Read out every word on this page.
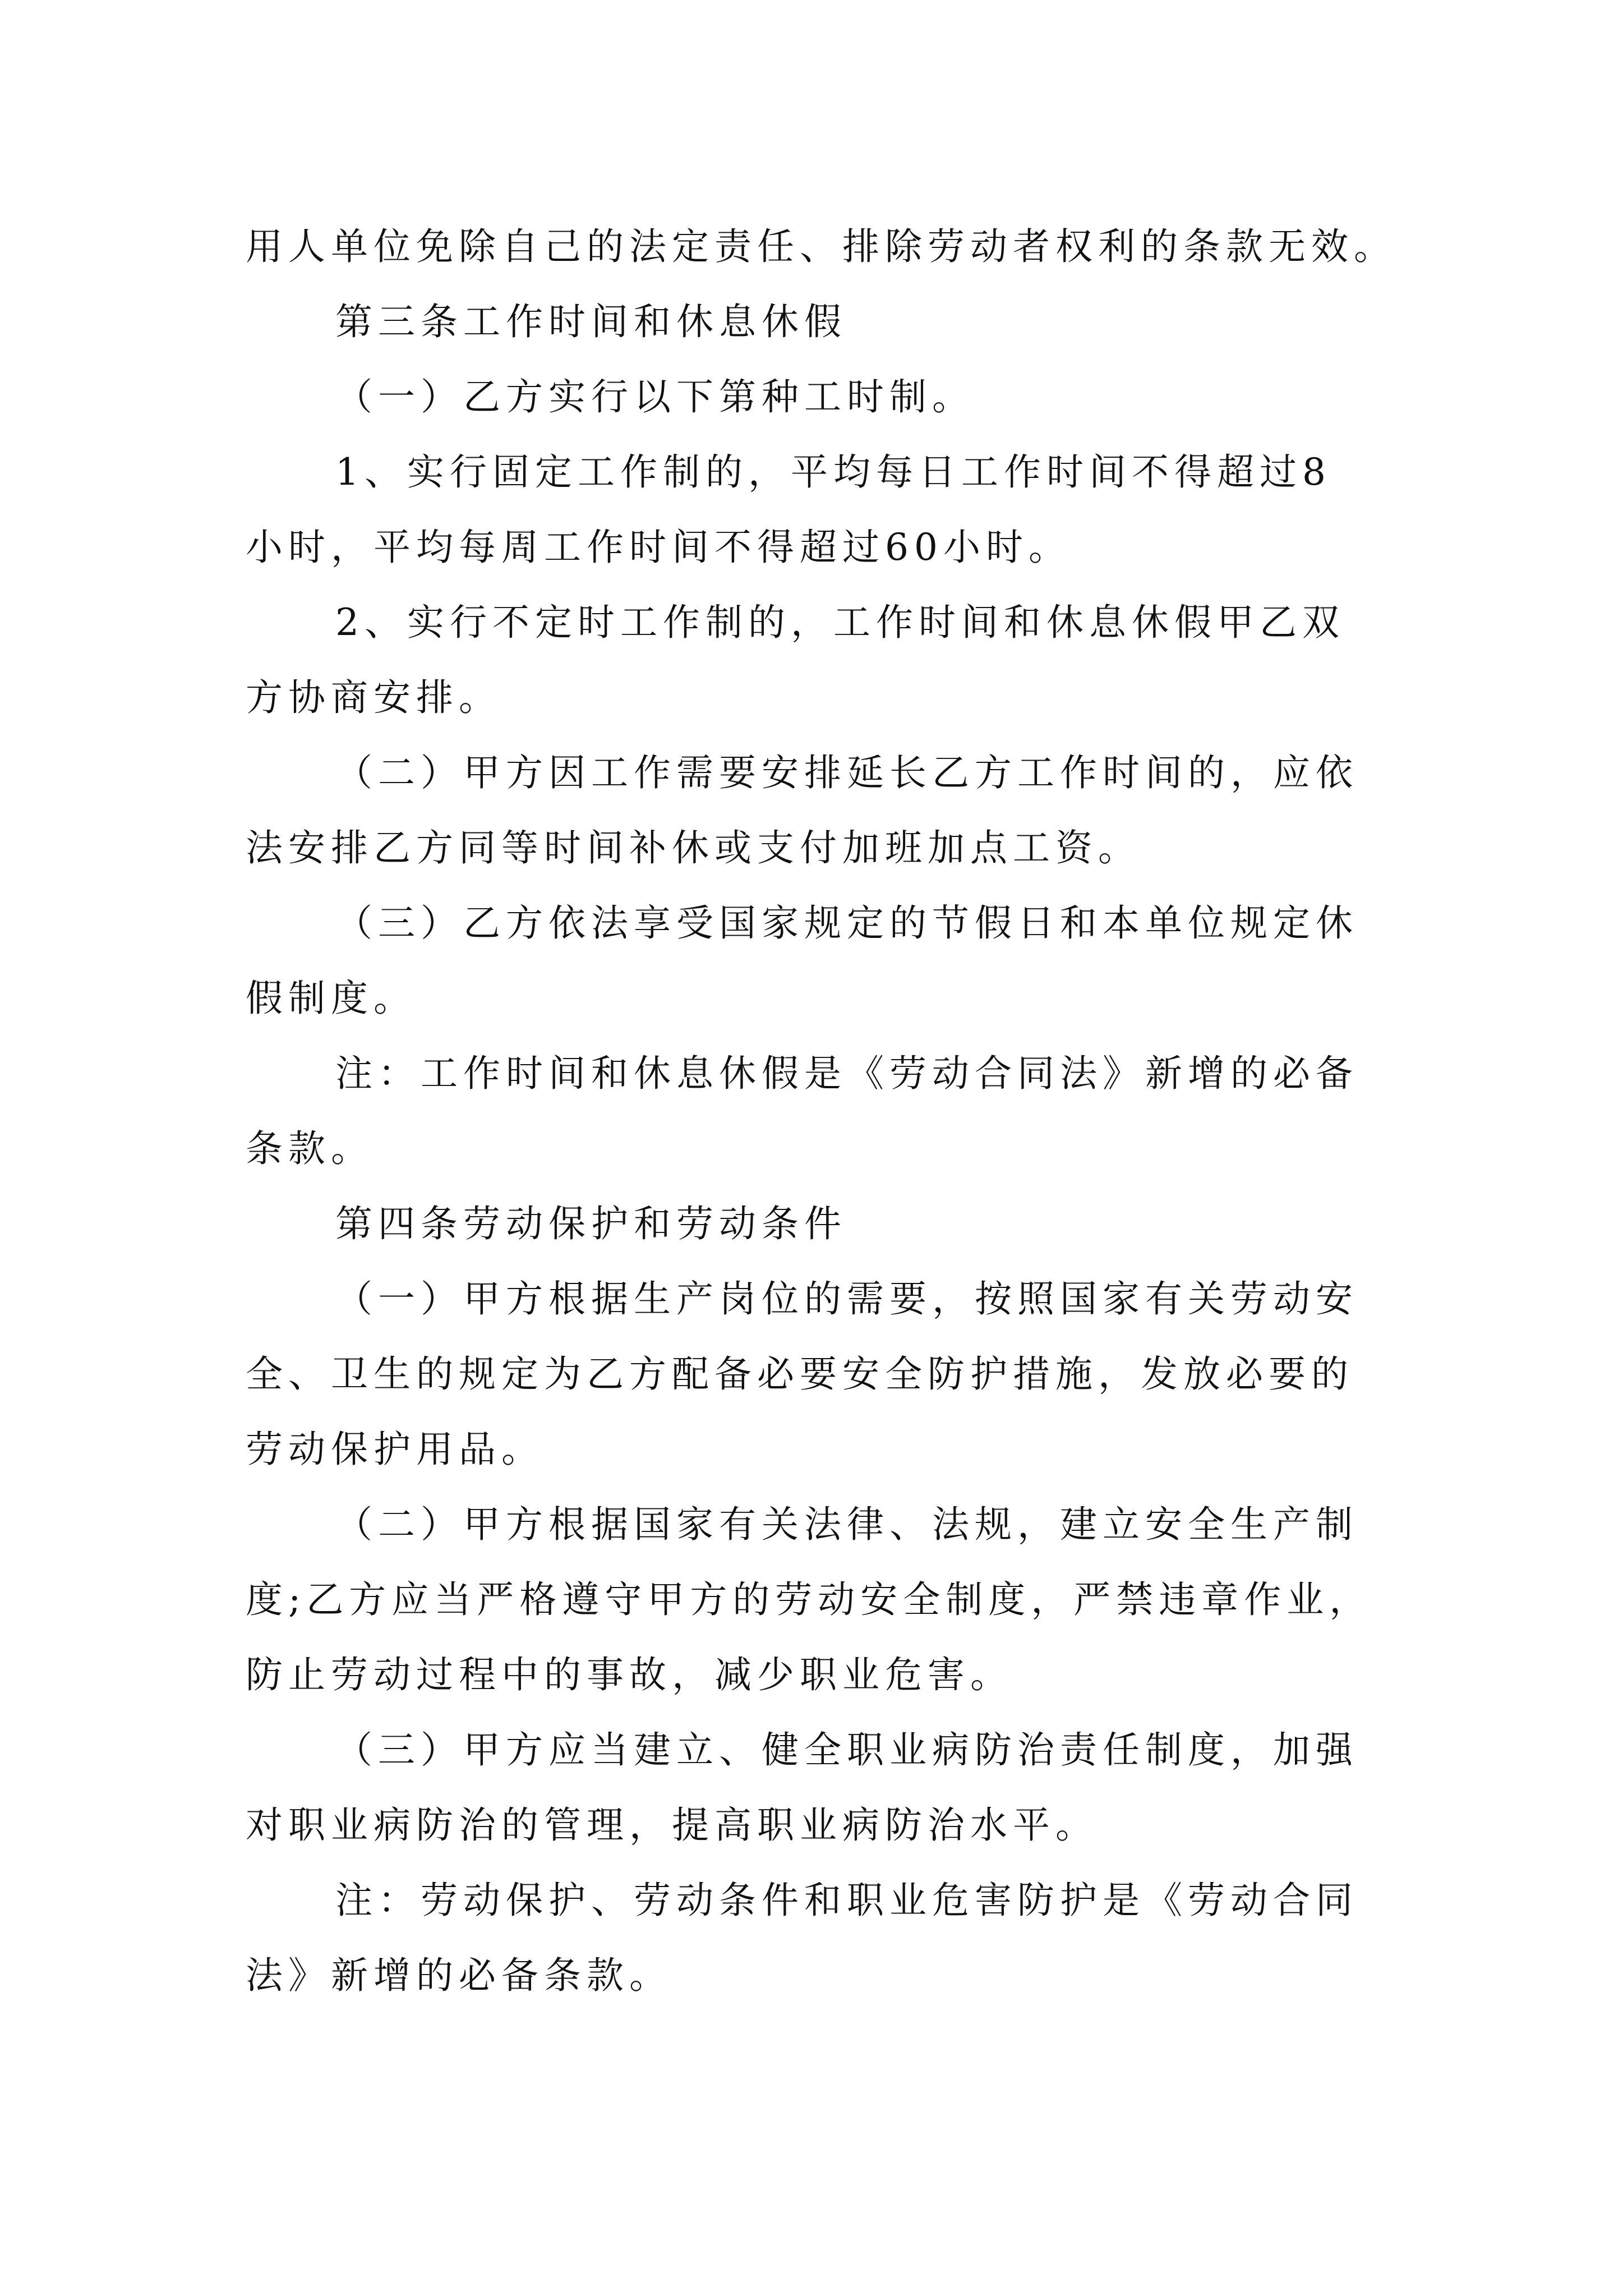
用人单位免除自己的法定责任、排除劳动者权利的条款无效。
第三条工作时间和休息休假
（一）乙方实行以下第种工时制。
1、实行固定工作制的，平均每日工作时间不得超过8
小时，平均每周工作时间不得超过60小时。
2、实行不定时工作制的，工作时间和休息休假甲乙双
方协商安排。
（二）甲方因工作需要安排延长乙方工作时间的，应依
法安排乙方同等时间补休或支付加班加点工资。
（三）乙方依法享受国家规定的节假日和本单位规定休
假制度。
注：工作时间和休息休假是《劳动合同法》新增的必备
条款。
第四条劳动保护和劳动条件
（一）甲方根据生产岗位的需要，按照国家有关劳动安
全、卫生的规定为乙方配备必要安全防护措施，发放必要的
劳动保护用品。
（二）甲方根据国家有关法律、法规，建立安全生产制
度;乙方应当严格遵守甲方的劳动安全制度，严禁违章作业，
防止劳动过程中的事故，减少职业危害。
（三）甲方应当建立、健全职业病防治责任制度，加强
对职业病防治的管理，提高职业病防治水平。
注：劳动保护、劳动条件和职业危害防护是《劳动合同
法》新增的必备条款。
